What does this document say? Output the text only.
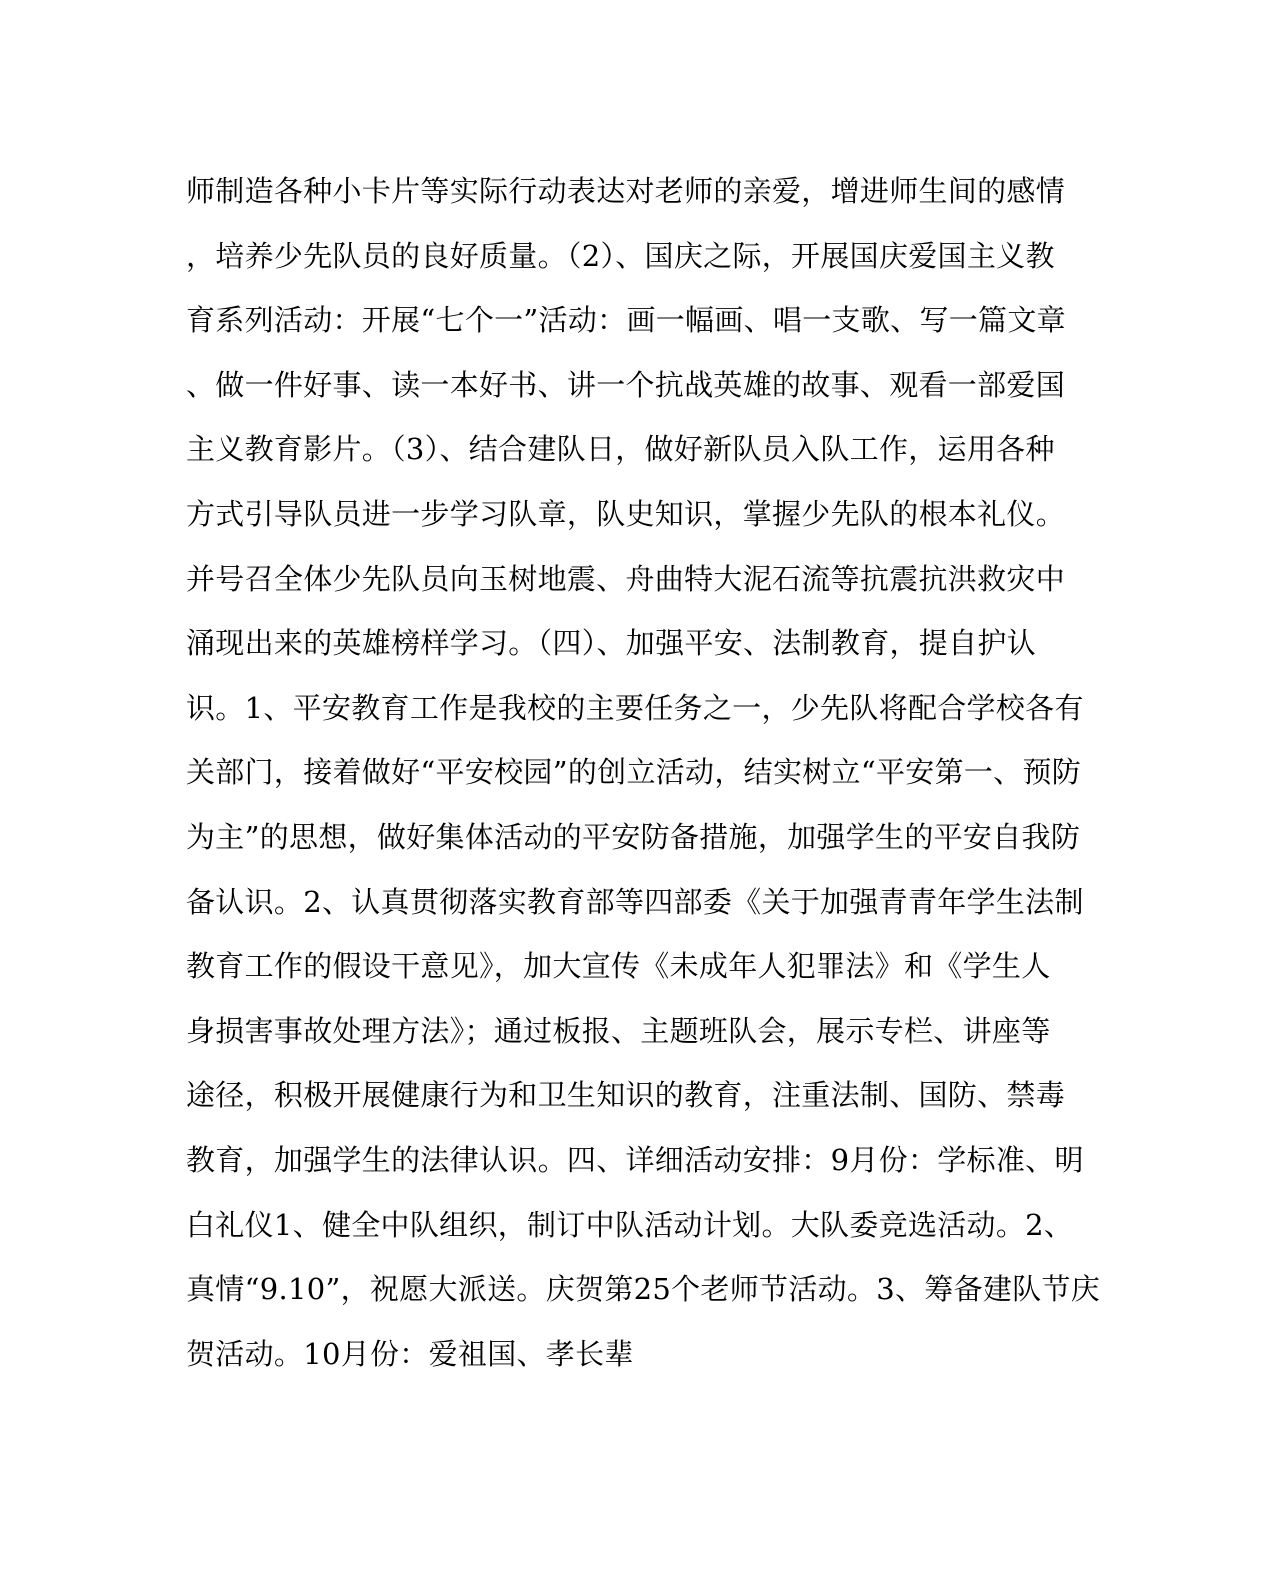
师制造各种小卡片等实际行动表达对老师的亲爱，增进师生间的感情
，培养少先队员的良好质量。（2）、国庆之际，开展国庆爱国主义教
育系列活动：开展“七个一”活动：画一幅画、唱一支歌、写一篇文章
、做一件好事、读一本好书、讲一个抗战英雄的故事、观看一部爱国
主义教育影片。（3）、结合建队日，做好新队员入队工作，运用各种
方式引导队员进一步学习队章，队史知识，掌握少先队的根本礼仪。
并号召全体少先队员向玉树地震、舟曲特大泥石流等抗震抗洪救灾中
涌现出来的英雄榜样学习。（四）、加强平安、法制教育，提自护认
识。1、平安教育工作是我校的主要任务之一，少先队将配合学校各有
关部门，接着做好“平安校园”的创立活动，结实树立“平安第一、预防
为主”的思想，做好集体活动的平安防备措施，加强学生的平安自我防
备认识。2、认真贯彻落实教育部等四部委《关于加强青青年学生法制
教育工作的假设干意见》，加大宣传《未成年人犯罪法》和《学生人
身损害事故处理方法》；通过板报、主题班队会，展示专栏、讲座等
途径，积极开展健康行为和卫生知识的教育，注重法制、国防、禁毒
教育，加强学生的法律认识。四、详细活动安排：9月份：学标准、明
白礼仪1、健全中队组织，制订中队活动计划。大队委竞选活动。2、
真情“9.10”，祝愿大派送。庆贺第25个老师节活动。3、筹备建队节庆
贺活动。10月份：爱祖国、孝长辈
